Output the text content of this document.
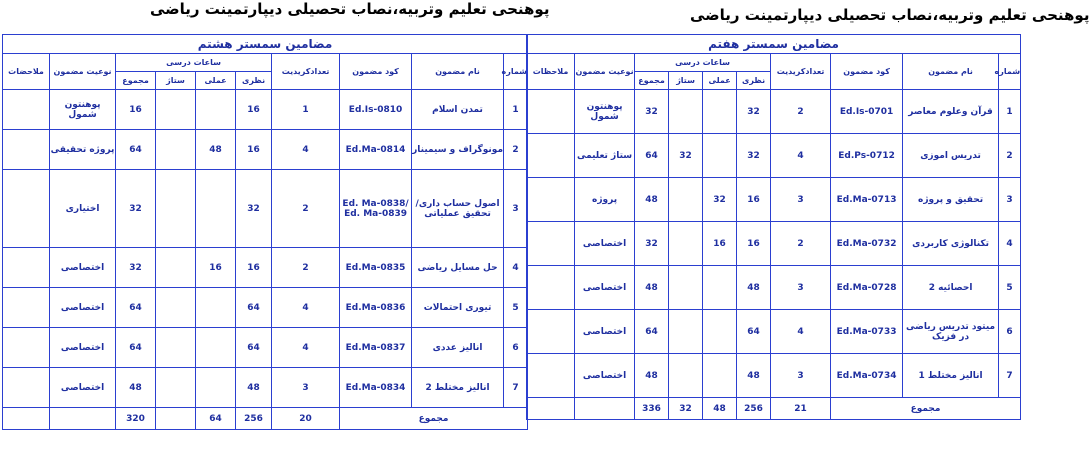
پوهنحی تعلیم وتربیه،نصاب تحصیلی دیپارتمینت ریاضی	پوهنحی تعلیم وتربیه،نصاب تحصیلی دیپارتمینت ریاضی
مضامین سمستر هشتم									
شماره	نام مضمون	کود مضمون	تعدادکریدیت	ساعات درسی				نوعیت مضمون	ملاحضات
				نظری	عملی	ستاژ	مجموع		
1	تمدن اسلام	Ed.Is-0810	1	16			16	پوهنتون شمول	
2	مونوگراف و سیمینار	Ed.Ma-0814	4	16	48		64	پروژه تحقیقی	
3	اصول حساب داری/ تحقیق عملیاتی	Ed. Ma-0838/ Ed. Ma-0839	2	32			32	اختیاری	
4	حل مسایل ریاضی	Ed.Ma-0835	2	16	16		32	اختصاصی	
5	تیوری احتمالات	Ed.Ma-0836	4	64			64	اختصاصی	
6	انالیز عددی	Ed.Ma-0837	4	64			64	اختصاصی	
7	انالیز مختلط 2	Ed.Ma-0834	3	48			48	اختصاصی	
مجموع			20	256	64		320		
مضامین سمستر هفتم									
شماره	نام مضمون	کود مضمون	تعدادکریدیت	ساعات درسی				نوعیت مضمون	ملاحظات
				نظری	عملی	ستاژ	مجموع		
1	قرآن وعلوم معاصر	Ed.Is-0701	2	32			32	پوهنتون شمول	
2	تدریس اموزی	Ed.Ps-0712	4	32		32	64	ستاژ تعلیمی	
3	تحقیق و پروژه	Ed.Ma-0713	3	16	32		48	پروژه	
4	تکنالوژی کاربردی	Ed.Ma-0732	2	16	16		32	اختصاصی	
5	احصائیه 2	Ed.Ma-0728	3	48			48	اختصاصی	
6	میتود تدریس ریاضی در فزیک	Ed.Ma-0733	4	64			64	اختصاصی	
7	انالیز مختلط 1	Ed.Ma-0734	3	48			48	اختصاصی	
مجموع			21	256	48	32	336		
